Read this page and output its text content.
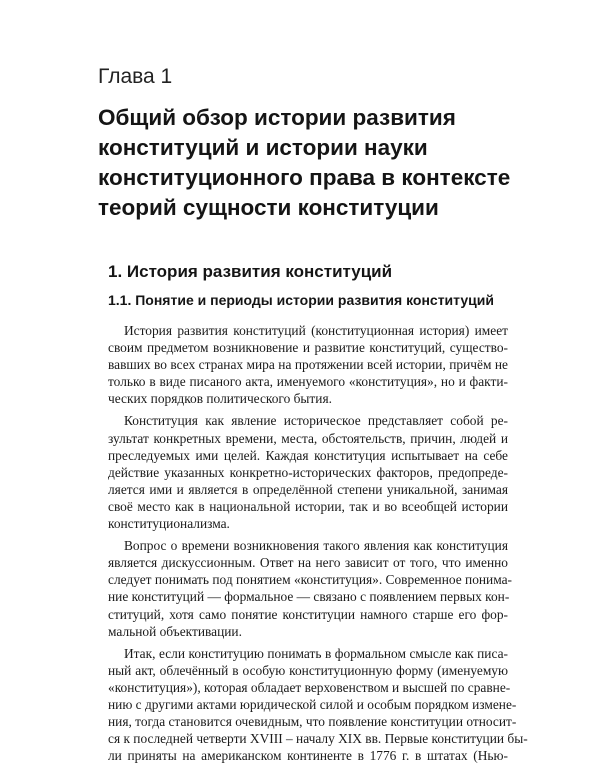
Глава 1
Общий обзор истории развития
конституций и истории науки
конституционного права в контексте
теорий сущности конституции
1. История развития конституций
1.1. Понятие и периоды истории развития конституций
История развития конституций (конституционная история) имеет
своим предметом возникновение и развитие конституций, существо-
вавших во всех странах мира на протяжении всей истории, причём не
только в виде писаного акта, именуемого «конституция», но и факти-
ческих порядков политического бытия.
Конституция как явление историческое представляет собой ре-
зультат конкретных времени, места, обстоятельств, причин, людей и
преследуемых ими целей. Каждая конституция испытывает на себе
действие указанных конкретно-исторических факторов, предопреде-
ляется ими и является в определённой степени уникальной, занимая
своё место как в национальной истории, так и во всеобщей истории
конституционализма.
Вопрос о времени возникновения такого явления как конституция
является дискуссионным. Ответ на него зависит от того, что именно
следует понимать под понятием «конституция». Современное понима-
ние конституций — формальное — связано с появлением первых кон-
ституций, хотя само понятие конституции намного старше его фор-
мальной объективации.
Итак, если конституцию понимать в формальном смысле как писа-
ный акт, облечённый в особую конституционную форму (именуемую
«конституция»), которая обладает верховенством и высшей по сравне-
нию с другими актами юридической силой и особым порядком измене-
ния, тогда становится очевидным, что появление конституции относит-
ся к последней четверти XVIII – началу XIX вв. Первые конституции бы-
ли приняты на американском континенте в 1776 г. в штатах (Нью-
